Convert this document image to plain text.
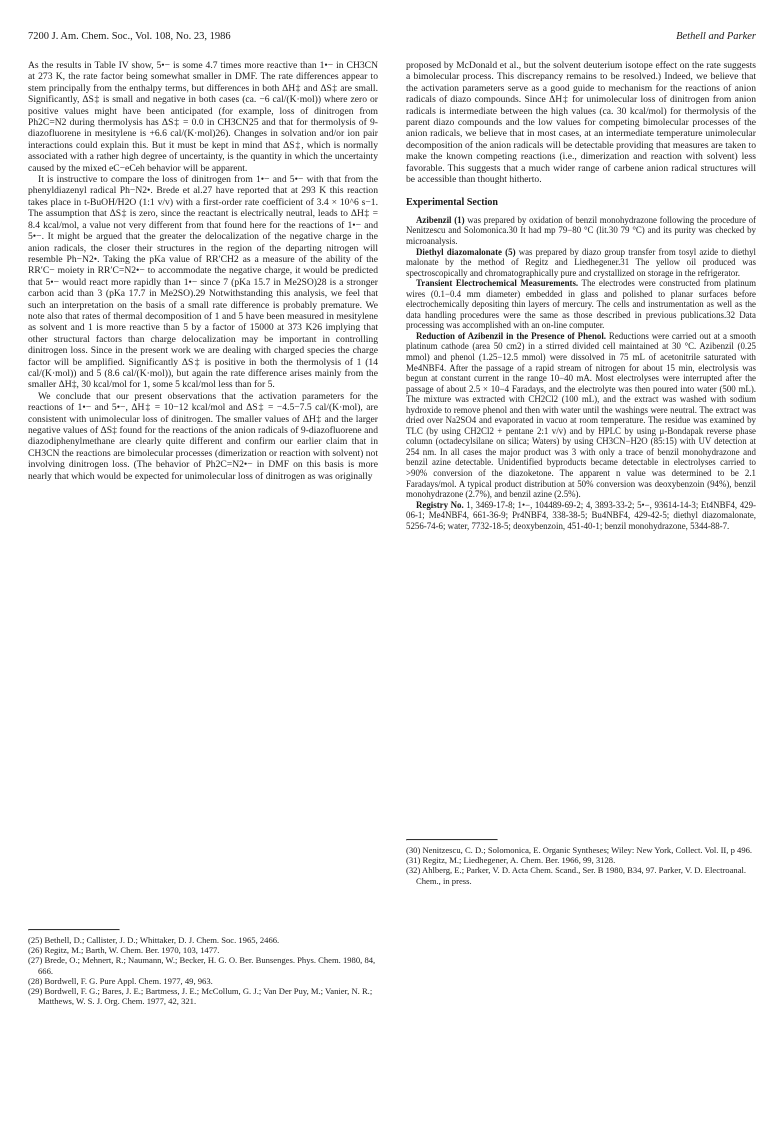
7200 J. Am. Chem. Soc., Vol. 108, No. 23, 1986	Bethell and Parker

As the results in Table IV show, 5•− is some 4.7 times more reactive than 1•− in CH3CN at 273 K, the rate factor being somewhat smaller in DMF. The rate differences appear to stem principally from the enthalpy terms, but differences in both ΔH‡ and ΔS‡ are small. Significantly, ΔS‡ is small and negative in both cases (ca. −6 cal/(K·mol)) where zero or positive values might have been anticipated (for example, loss of dinitrogen from Ph2C=N2 during thermolysis has ΔS‡ = 0.0 in CH3CN25 and that for thermolysis of 9-diazofluorene in mesitylene is +6.6 cal/(K·mol)26). Changes in solvation and/or ion pair interactions could explain this. But it must be kept in mind that ΔS‡, which is normally associated with a rather high degree of uncertainty, is the quantity in which the uncertainty caused by the mixed eC−eCeh behavior will be apparent.

It is instructive to compare the loss of dinitrogen from 1•− and 5•− with that from the phenyldiazenyl radical Ph−N2•. Brede et al.27 have reported that at 293 K this reaction takes place in t-BuOH/H2O (1:1 v/v) with a first-order rate coefficient of 3.4 × 10^6 s−1. The assumption that ΔS‡ is zero, since the reactant is electrically neutral, leads to ΔH‡ = 8.4 kcal/mol, a value not very different from that found here for the reactions of 1•− and 5•−. It might be argued that the greater the delocalization of the negative charge in the anion radicals, the closer their structures in the region of the departing nitrogen will resemble Ph−N2•. Taking the pKa value of RR′CH2 as a measure of the ability of the RR′C− moiety in RR′C=N2•− to accommodate the negative charge, it would be predicted that 5•− would react more rapidly than 1•− since 7 (pKa 15.7 in Me2SO)28 is a stronger carbon acid than 3 (pKa 17.7 in Me2SO).29 Notwithstanding this analysis, we feel that such an interpretation on the basis of a small rate difference is probably premature. We note also that rates of thermal decomposition of 1 and 5 have been measured in mesitylene as solvent and 1 is more reactive than 5 by a factor of 15000 at 373 K26 implying that other structural factors than charge delocalization may be important in controlling dinitrogen loss. Since in the present work we are dealing with charged species the charge factor will be amplified. Significantly ΔS‡ is positive in both the thermolysis of 1 (14 cal/(K·mol)) and 5 (8.6 cal/(K·mol)), but again the rate difference arises mainly from the smaller ΔH‡, 30 kcal/mol for 1, some 5 kcal/mol less than for 5.

We conclude that our present observations that the activation parameters for the reactions of 1•− and 5•−, ΔH‡ = 10−12 kcal/mol and ΔS‡ = −4.5−7.5 cal/(K·mol), are consistent with unimolecular loss of dinitrogen. The smaller values of ΔH‡ and the larger negative values of ΔS‡ found for the reactions of the anion radicals of 9-diazofluorene and diazodiphenylmethane are clearly quite different and confirm our earlier claim that in CH3CN the reactions are bimolecular processes (dimerization or reaction with solvent) not involving dinitrogen loss. (The behavior of Ph2C=N2•− in DMF on this basis is more nearly that which would be expected for unimolecular loss of dinitrogen as was originally

proposed by McDonald et al., but the solvent deuterium isotope effect on the rate suggests a bimolecular process. This discrepancy remains to be resolved.) Indeed, we believe that the activation parameters serve as a good guide to mechanism for the reactions of anion radicals of diazo compounds. Since ΔH‡ for unimolecular loss of dinitrogen from anion radicals is intermediate between the high values (ca. 30 kcal/mol) for thermolysis of the parent diazo compounds and the low values for competing bimolecular processes of the anion radicals, we believe that in most cases, at an intermediate temperature unimolecular decomposition of the anion radicals will be detectable providing that measures are taken to make the known competing reactions (i.e., dimerization and reaction with solvent) less favorable. This suggests that a much wider range of carbene anion radical structures will be accessible than thought hitherto.

Experimental Section

Azibenzil (1) was prepared by oxidation of benzil monohydrazone following the procedure of Nenitzescu and Solomonica.30 It had mp 79−80 °C (lit.30 79 °C) and its purity was checked by microanalysis.

Diethyl diazomalonate (5) was prepared by diazo group transfer from tosyl azide to diethyl malonate by the method of Regitz and Liedhegener.31 The yellow oil produced was spectroscopically and chromatographically pure and crystallized on storage in the refrigerator.

Transient Electrochemical Measurements. The electrodes were constructed from platinum wires (0.1−0.4 mm diameter) embedded in glass and polished to planar surfaces before electrochemically depositing thin layers of mercury. The cells and instrumentation as well as the data handling procedures were the same as those described in previous publications.32 Data processing was accomplished with an on-line computer.

Reduction of Azibenzil in the Presence of Phenol. Reductions were carried out at a smooth platinum cathode (area 50 cm2) in a stirred divided cell maintained at 30 °C. Azibenzil (0.25 mmol) and phenol (1.25−12.5 mmol) were dissolved in 75 mL of acetonitrile saturated with Me4NBF4. After the passage of a rapid stream of nitrogen for about 15 min, electrolysis was begun at constant current in the range 10−40 mA. Most electrolyses were interrupted after the passage of about 2.5 × 10−4 Faradays, and the electrolyte was then poured into water (500 mL). The mixture was extracted with CH2Cl2 (100 mL), and the extract was washed with sodium hydroxide to remove phenol and then with water until the washings were neutral. The extract was dried over Na2SO4 and evaporated in vacuo at room temperature. The residue was examined by TLC (by using CH2Cl2 + pentane 2:1 v/v) and by HPLC by using μ-Bondapak reverse phase column (octadecylsilane on silica; Waters) by using CH3CN−H2O (85:15) with UV detection at 254 nm. In all cases the major product was 3 with only a trace of benzil monohydrazone and benzil azine detectable. Unidentified byproducts became detectable in electrolyses carried to >90% conversion of the diazoketone. The apparent n value was determined to be 2.1 Faradays/mol. A typical product distribution at 50% conversion was deoxybenzoin (94%), benzil monohydrazone (2.7%), and benzil azine (2.5%).

Registry No. 1, 3469-17-8; 1•−, 104489-69-2; 4, 3893-33-2; 5•−, 93614-14-3; Et4NBF4, 429-06-1; Me4NBF4, 661-36-9; Pr4NBF4, 338-38-5; Bu4NBF4, 429-42-5; diethyl diazomalonate, 5256-74-6; water, 7732-18-5; deoxybenzoin, 451-40-1; benzil monohydrazone, 5344-88-7.

(25) Bethell, D.; Callister, J. D.; Whittaker, D. J. Chem. Soc. 1965, 2466.
(26) Regitz, M.; Barth, W. Chem. Ber. 1970, 103, 1477.
(27) Brede, O.; Mehnert, R.; Naumann, W.; Becker, H. G. O. Ber. Bunsenges. Phys. Chem. 1980, 84, 666.
(28) Bordwell, F. G. Pure Appl. Chem. 1977, 49, 963.
(29) Bordwell, F. G.; Bares, J. E.; Bartmess, J. E.; McCollum, G. J.; Van Der Puy, M.; Vanier, N. R.; Matthews, W. S. J. Org. Chem. 1977, 42, 321.
(30) Nenitzescu, C. D.; Solomonica, E. Organic Syntheses; Wiley: New York, Collect. Vol. II, p 496.
(31) Regitz, M.; Liedhegener, A. Chem. Ber. 1966, 99, 3128.
(32) Ahlberg, E.; Parker, V. D. Acta Chem. Scand., Ser. B 1980, B34, 97. Parker, V. D. Electroanal. Chem., in press.
